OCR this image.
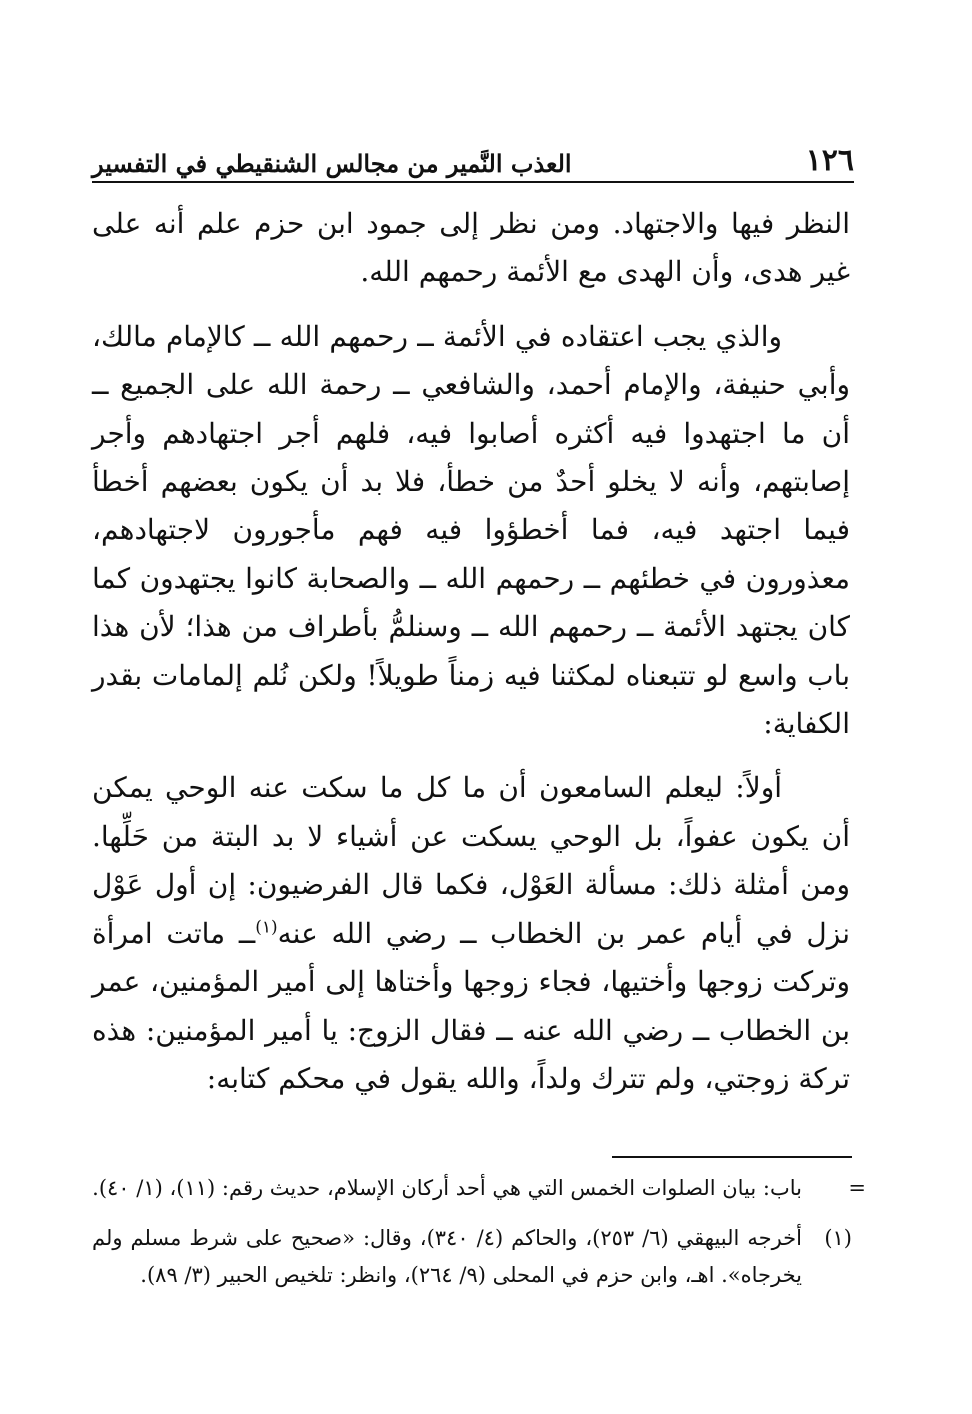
١٢٦
العذب النَّمير من مجالس الشنقيطي في التفسير

النظر فيها والاجتهاد. ومن نظر إلى جمود ابن حزم علم أنه على غير هدى، وأن الهدى مع الأئمة رحمهم الله.

والذي يجب اعتقاده في الأئمة ــ رحمهم الله ــ كالإمام مالك، وأبي حنيفة، والإمام أحمد، والشافعي ــ رحمة الله على الجميع ــ أن ما اجتهدوا فيه أكثره أصابوا فيه، فلهم أجر اجتهادهم وأجر إصابتهم، وأنه لا يخلو أحدٌ من خطأ، فلا بد أن يكون بعضهم أخطأ فيما اجتهد فيه، فما أخطؤوا فيه فهم مأجورون لاجتهادهم، معذورون في خطئهم ــ رحمهم الله ــ والصحابة كانوا يجتهدون كما كان يجتهد الأئمة ــ رحمهم الله ــ وسنلمُّ بأطراف من هذا؛ لأن هذا باب واسع لو تتبعناه لمكثنا فيه زمناً طويلاً! ولكن نُلم إلمامات بقدر الكفاية:

أولاً: ليعلم السامعون أن ما كل ما سكت عنه الوحي يمكن أن يكون عفواً، بل الوحي يسكت عن أشياء لا بد البتة من حَلِّها. ومن أمثلة ذلك: مسألة العَوْل، فكما قال الفرضيون: إن أول عَوْل نزل في أيام عمر بن الخطاب ــ رضي الله عنه$^{(١)}$ــ ماتت امرأة وتركت زوجها وأختيها، فجاء زوجها وأختاها إلى أمير المؤمنين، عمر بن الخطاب ــ رضي الله عنه ــ فقال الزوج: يا أمير المؤمنين: هذه تركة زوجتي، ولم تترك ولداً، والله يقول في محكم كتابه:

=
باب: بيان الصلوات الخمس التي هي أحد أركان الإسلام، حديث رقم: (١١)، (١/ ٤٠).
(١)
أخرجه البيهقي (٦/ ٢٥٣)، والحاكم (٤/ ٣٤٠)، وقال: «صحيح على شرط مسلم ولم يخرجاه». اهـ، وابن حزم في المحلى (٩/ ٢٦٤)، وانظر: تلخيص الحبير (٣/ ٨٩).
